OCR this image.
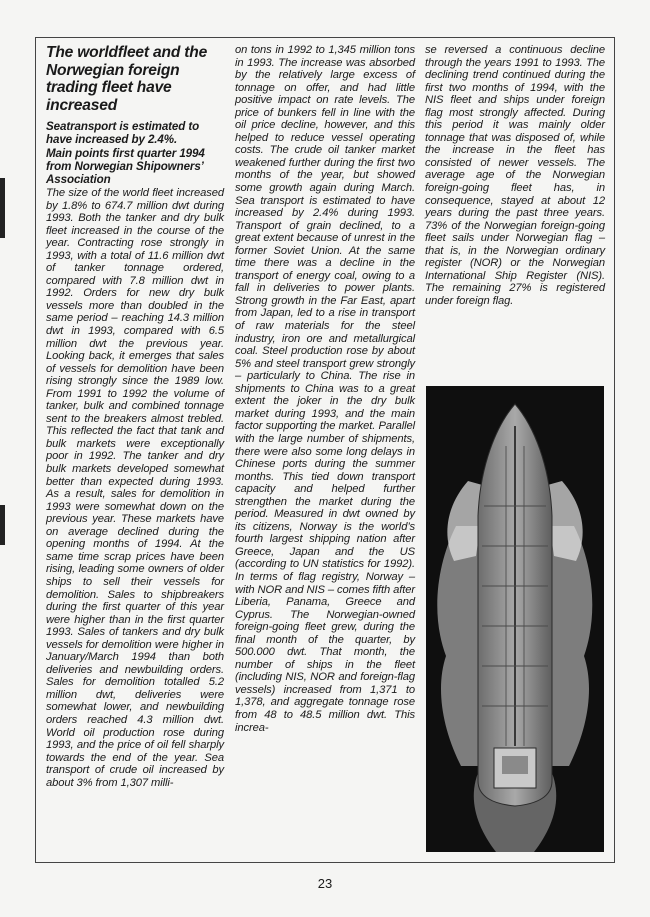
The worldfleet and the Norwegian foreign trading fleet have increased
Seatransport is estimated to have increased by 2.4%.
Main points first quarter 1994 from Norwegian Shipowners’ Association

The size of the world fleet increased by 1.8% to 674.7 million dwt during 1993. Both the tanker and dry bulk fleet increased in the course of the year. Contracting rose strongly in 1993, with a total of 11.6 million dwt of tanker tonnage ordered, compared with 7.8 million dwt in 1992. Orders for new dry bulk vessels more than doubled in the same period – reaching 14.3 million dwt in 1993, compared with 6.5 million dwt the previous year. Looking back, it emerges that sales of vessels for demolition have been rising strongly since the 1989 low. From 1991 to 1992 the volume of tanker, bulk and combined tonnage sent to the breakers almost trebled. This reflected the fact that tank and bulk markets were exceptionally poor in 1992. The tanker and dry bulk markets developed somewhat better than expected during 1993. As a result, sales for demolition in 1993 were somewhat down on the previous year. These markets have on average declined during the opening months of 1994. At the same time scrap prices have been rising, leading some owners of older ships to sell their vessels for demolition. Sales to shipbreakers during the first quarter of this year were higher than in the first quarter 1993. Sales of tankers and dry bulk vessels for demolition were higher in January/March 1994 than both deliveries and newbuilding orders. Sales for demolition totalled 5.2 million dwt, deliveries were somewhat lower, and newbuilding orders reached 4.3 million dwt. World oil production rose during 1993, and the price of oil fell sharply towards the end of the year. Sea transport of crude oil increased by about 3% from 1,307 milli-

on tons in 1992 to 1,345 million tons in 1993. The increase was absorbed by the relatively large excess of tonnage on offer, and had little positive impact on rate levels. The price of bunkers fell in line with the oil price decline, however, and this helped to reduce vessel operating costs. The crude oil tanker market weakened further during the first two months of the year, but showed some growth again during March. Sea transport is estimated to have increased by 2.4% during 1993. Transport of grain declined, to a great extent because of unrest in the former Soviet Union. At the same time there was a decline in the transport of energy coal, owing to a fall in deliveries to power plants. Strong growth in the Far East, apart from Japan, led to a rise in transport of raw materials for the steel industry, iron ore and metallurgical coal. Steel production rose by about 5% and steel transport grew strongly – particularly to China. The rise in shipments to China was to a great extent the joker in the dry bulk market during 1993, and the main factor supporting the market. Parallel with the large number of shipments, there were also some long delays in Chinese ports during the summer months. This tied down transport capacity and helped further strengthen the market during the period. Measured in dwt owned by its citizens, Norway is the world’s fourth largest shipping nation after Greece, Japan and the US (according to UN statistics for 1992). In terms of flag registry, Norway – with NOR and NIS – comes fifth after Liberia, Panama, Greece and Cyprus. The Norwegian-owned foreign-going fleet grew, during the final month of the quarter, by 500.000 dwt. That month, the number of ships in the fleet (including NIS, NOR and foreign-flag vessels) increased from 1,371 to 1,378, and aggregate tonnage rose from 48 to 48.5 million dwt. This increa-

se reversed a continuous decline through the years 1991 to 1993. The declining trend continued during the first two months of 1994, with the NIS fleet and ships under foreign flag most strongly affected. During this period it was mainly older tonnage that was disposed of, while the increase in the fleet has consisted of newer vessels. The average age of the Norwegian foreign-going fleet has, in consequence, stayed at about 12 years during the past three years. 73% of the Norwegian foreign-going fleet sails under Norwegian flag – that is, in the Norwegian ordinary register (NOR) or the Norwegian International Ship Register (NIS). The remaining 27% is registered under foreign flag.

23
